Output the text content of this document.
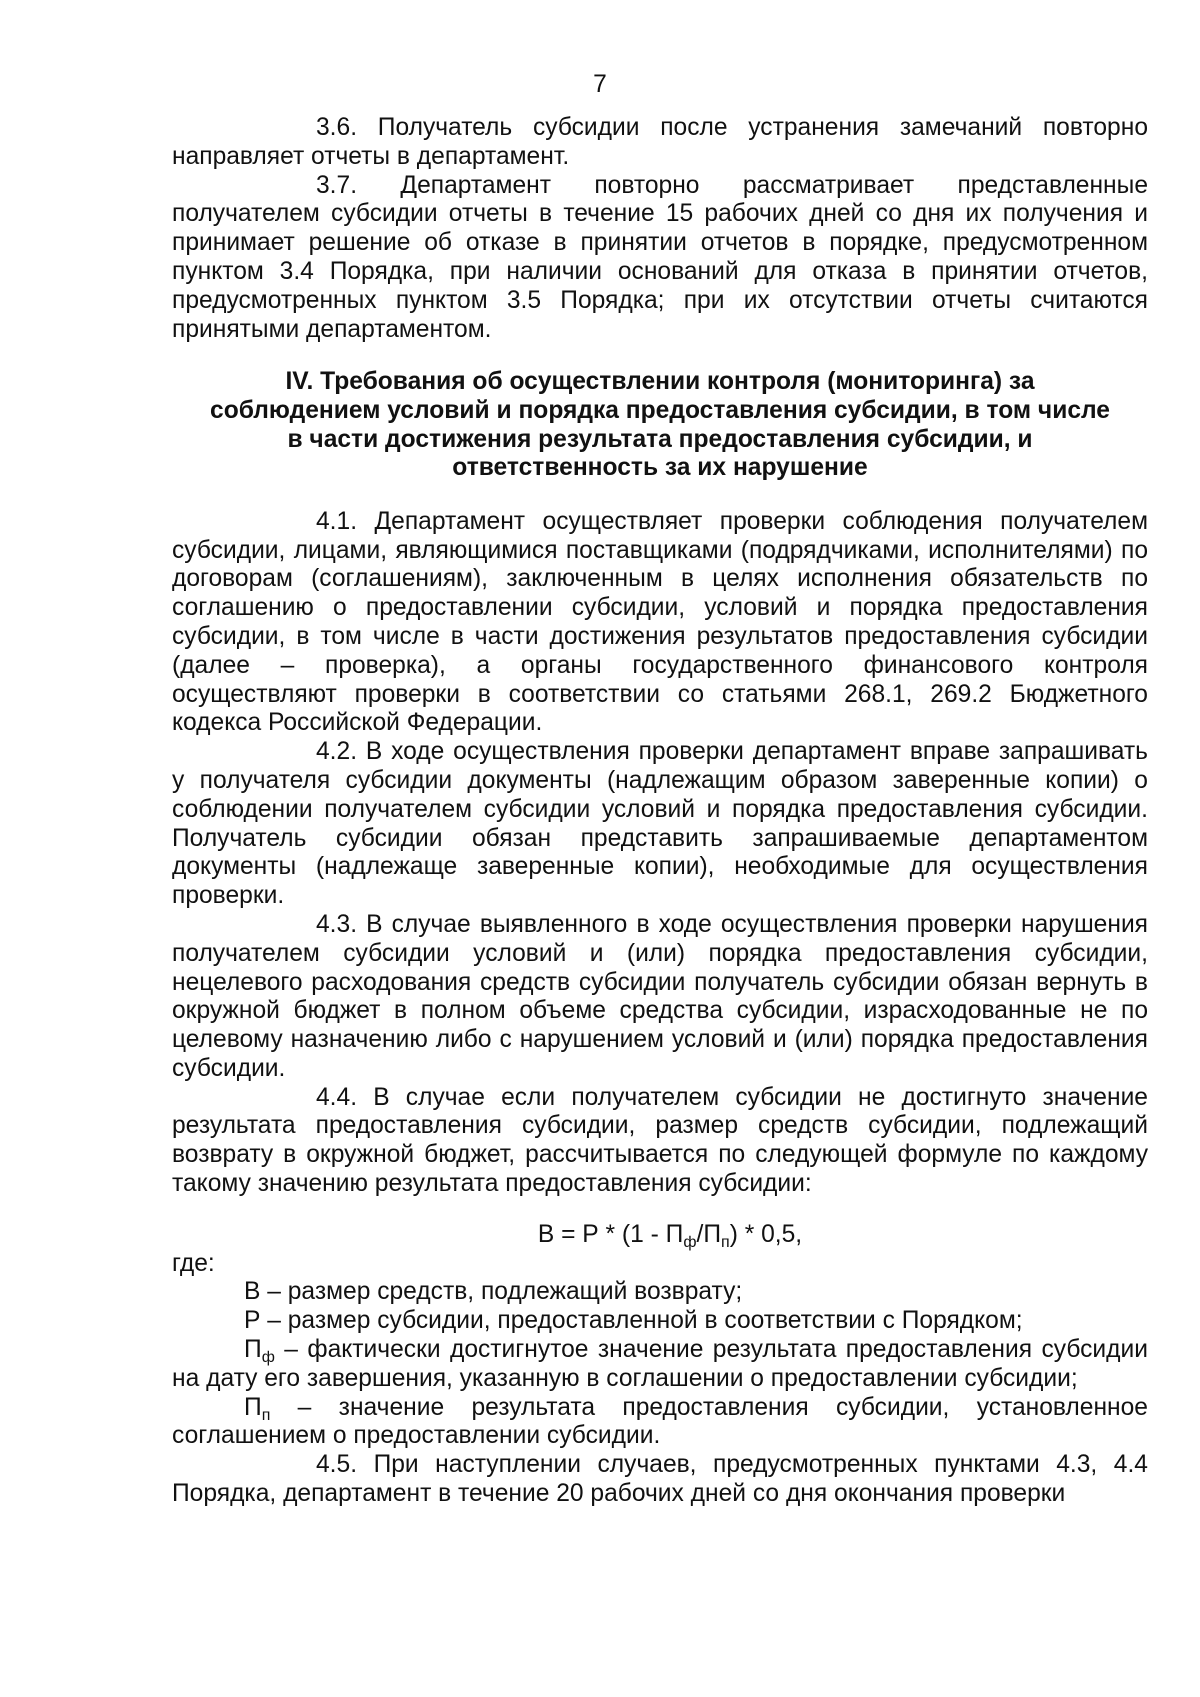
7

3.6. Получатель субсидии после устранения замечаний повторно направляет отчеты в департамент.

3.7. Департамент повторно рассматривает представленные получателем субсидии отчеты в течение 15 рабочих дней со дня их получения и принимает решение об отказе в принятии отчетов в порядке, предусмотренном пунктом 3.4 Порядка, при наличии оснований для отказа в принятии отчетов, предусмотренных пунктом 3.5 Порядка; при их отсутствии отчеты считаются принятыми департаментом.

IV. Требования об осуществлении контроля (мониторинга) за
соблюдением условий и порядка предоставления субсидии, в том числе
в части достижения результата предоставления субсидии, и
ответственность за их нарушение

4.1. Департамент осуществляет проверки соблюдения получателем субсидии, лицами, являющимися поставщиками (подрядчиками, исполнителями) по договорам (соглашениям), заключенным в целях исполнения обязательств по соглашению о предоставлении субсидии, условий и порядка предоставления субсидии, в том числе в части достижения результатов предоставления субсидии (далее – проверка), а органы государственного финансового контроля осуществляют проверки в соответствии со статьями 268.1, 269.2 Бюджетного кодекса Российской Федерации.

4.2. В ходе осуществления проверки департамент вправе запрашивать у получателя субсидии документы (надлежащим образом заверенные копии) о соблюдении получателем субсидии условий и порядка предоставления субсидии. Получатель субсидии обязан представить запрашиваемые департаментом документы (надлежаще заверенные копии), необходимые для осуществления проверки.

4.3. В случае выявленного в ходе осуществления проверки нарушения получателем субсидии условий и (или) порядка предоставления субсидии, нецелевого расходования средств субсидии получатель субсидии обязан вернуть в окружной бюджет в полном объеме средства субсидии, израсходованные не по целевому назначению либо с нарушением условий и (или) порядка предоставления субсидии.

4.4. В случае если получателем субсидии не достигнуто значение результата предоставления субсидии, размер средств субсидии, подлежащий возврату в окружной бюджет, рассчитывается по следующей формуле по каждому такому значению результата предоставления субсидии:

$В = Р * (1 - П_ф/П_п) * 0,5$,

где:

В – размер средств, подлежащий возврату;

Р – размер субсидии, предоставленной в соответствии с Порядком;

$П_ф$ – фактически достигнутое значение результата предоставления субсидии на дату его завершения, указанную в соглашении о предоставлении субсидии;

$П_п$ – значение результата предоставления субсидии, установленное соглашением о предоставлении субсидии.

4.5. При наступлении случаев, предусмотренных пунктами 4.3, 4.4 Порядка, департамент в течение 20 рабочих дней со дня окончания проверки
